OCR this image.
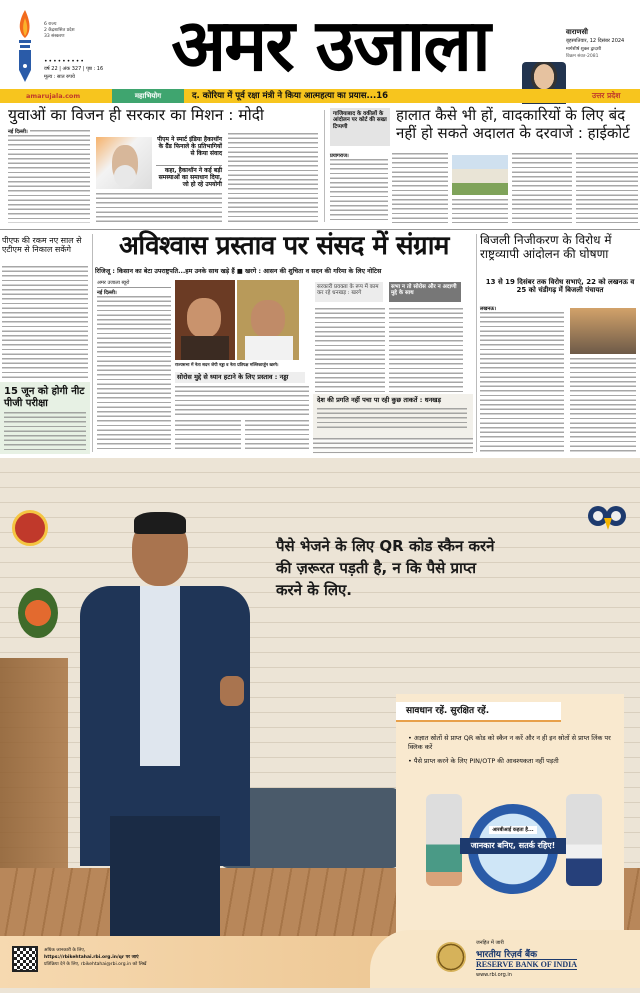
6 राज्य
2 केंद्रशासित प्रदेश
33 संस्करण
•••••••••
वर्ष 22 | अंक 327 | पृष्ठ : 16
मूल्य : सात रुपये	अमर उजाला	वाराणसी
बृहस्पतिवार, 12 दिसंबर 2024
मार्गशीर्ष शुक्ल द्वादशी
विक्रम संवत-2081
amarujala.com	महाभियोग	द. कोरिया में पूर्व रक्षा मंत्री ने किया आत्महत्या का प्रयास...16	उत्तर प्रदेश
युवाओं का विजन ही सरकार का मिशन : मोदी
नई दिल्ली।
पीएम ने स्मार्ट इंडिया हैकाथॉन के ग्रैंड फिनाले के प्रतिभागियों से किया संवाद
कहा, हैकाथॉन ने कई बड़ी समस्याओं का समाधान दिया, जो हो रहे उपयोगी
गाजियाबाद के वकीलों के आंदोलन पर कोर्ट की सख्त टिप्पणी
हालात कैसे भी हों, वादकारियों के लिए बंद नहीं हो सकते अदालत के दरवाजे : हाईकोर्ट
प्रयागराज।
पीएफ की रकम नए साल से एटीएम से निकाल सकेंगे
15 जून को होगी नीट पीजी परीक्षा
अविश्वास प्रस्ताव पर संसद में संग्राम
रिजिजू : किसान का बेटा उपराष्ट्रपति...हम उनके साथ खड़े हैं ■ खरगे : आसन की शुचिता व सदन की गरिमा के लिए नोटिस
अमर उजाला ब्यूरो
नई दिल्ली।
राज्यसभा में नेता सदन जेपी नड्डा व नेता प्रतिपक्ष मल्लिकार्जुन खरगे।
सोरोस मुद्दे से ध्यान हटाने के लिए प्रस्ताव : नड्डा
सरकारी प्रवक्ता के रूप में काम कर रहे धनखड़ : खरगे
सभा न तो सोरोस और न अदाणी मुद्दे के साथ
देश की प्रगति नहीं पचा पा रही कुछ ताकतें : धनखड़
बिजली निजीकरण के विरोध में राष्ट्रव्यापी आंदोलन की घोषणा
13 से 19 दिसंबर तक विरोध सभाएं, 22 को लखनऊ व 25 को चंडीगढ़ में बिजली पंचायत
लखनऊ।
पैसे भेजने के लिए QR कोड स्कैन करने की ज़रूरत पड़ती है, न कि पैसे प्राप्त करने के लिए.
सावधान रहें. सुरक्षित रहें.
• अज्ञात स्रोतों से प्राप्त QR कोड को स्कैन न करें और न ही इन स्रोतों से प्राप्त लिंक पर क्लिक करें
• पैसे प्राप्त करने के लिए PIN/OTP की आवश्यकता नहीं पड़ती
आरबीआई कहता है...
जानकार बनिए, सतर्क रहिए!
अधिक जानकारी के लिए,
https://rbikehtahai.rbi.org.in/qr पर जाएं
प्रतिक्रिया देने के लिए, rbikehtahai@rbi.org.in को लिखें
जनहित में जारी
भारतीय रिज़र्व बैंक
RESERVE BANK OF INDIA
www.rbi.org.in
